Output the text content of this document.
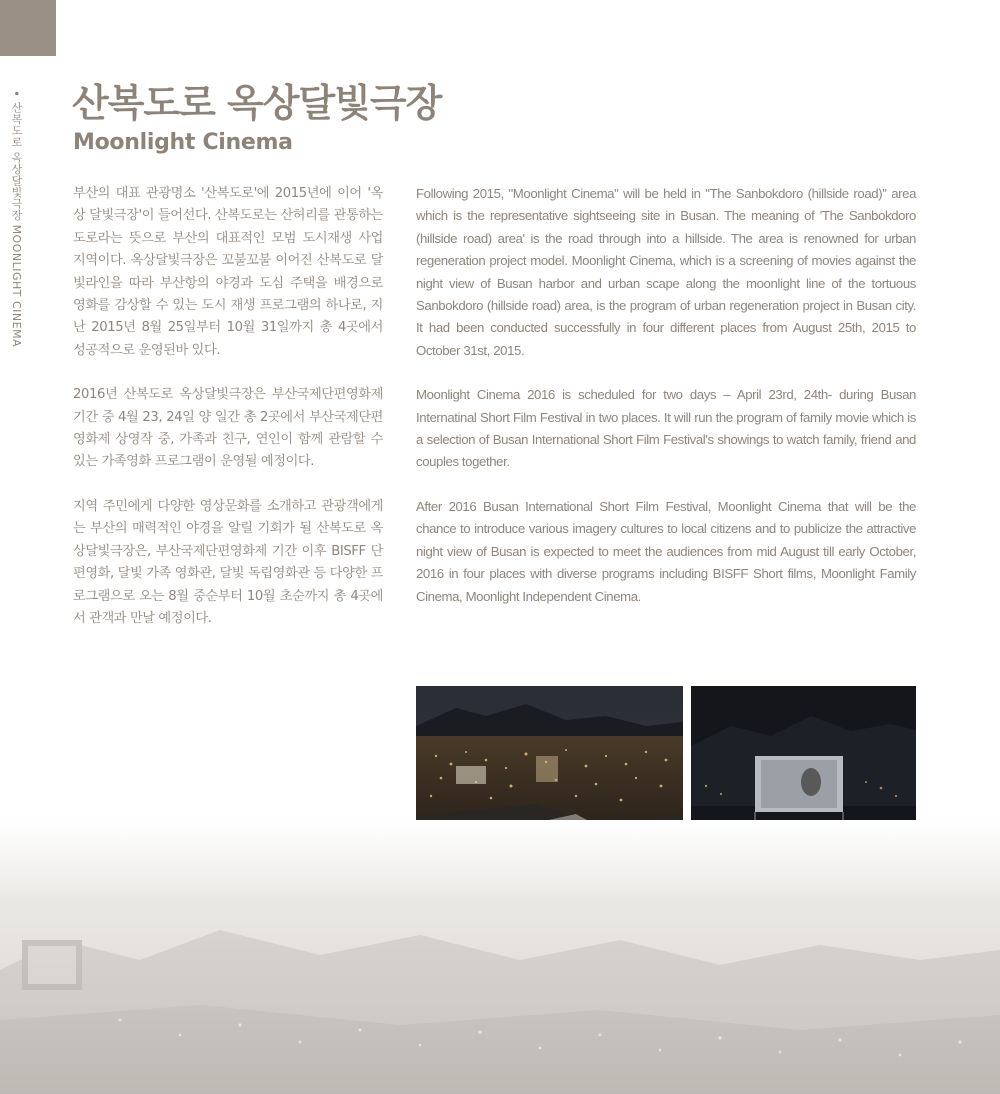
• 산복도로 옥상달빛극장 MOONLIGHT CINEMA 산복도로 옥상달빛극장
Moonlight Cinema

부산의 대표 관광명소 '산복도로'에 2015년에 이어 '옥상 달빛극장'이 들어선다. 산복도로는 산허리를 관통하는 도로라는 뜻으로 부산의 대표적인 모범 도시재생 사업 지역이다. 옥상달빛극장은 꼬불꼬불 이어진 산복도로 달빛라인을 따라 부산항의 야경과 도심 주택을 배경으로 영화를 감상할 수 있는 도시 재생 프로그램의 하나로, 지난 2015년 8월 25일부터 10월 31일까지 총 4곳에서 성공적으로 운영된바 있다.

2016년 산복도로 옥상달빛극장은 부산국제단편영화제 기간 중 4월 23, 24일 양 일간 총 2곳에서 부산국제단편영화제 상영작 중, 가족과 친구, 연인이 함께 관람할 수 있는 가족영화 프로그램이 운영될 예정이다.

지역 주민에게 다양한 영상문화를 소개하고 관광객에게는 부산의 매력적인 야경을 알릴 기회가 될 산복도로 옥상달빛극장은, 부산국제단편영화제 기간 이후 BISFF 단편영화, 달빛 가족 영화관, 달빛 독립영화관 등 다양한 프로그램으로 오는 8월 중순부터 10월 초순까지 총 4곳에서 관객과 만날 예정이다.

Following 2015, "Moonlight Cinema" will be held in "The Sanbokdoro (hillside road)" area which is the representative sightseeing site in Busan. The meaning of 'The Sanbokdoro (hillside road) area' is the road through into a hillside. The area is renowned for urban regeneration project model. Moonlight Cinema, which is a screening of movies against the night view of Busan harbor and urban scape along the moonlight line of the tortuous Sanbokdoro (hillside road) area, is the program of urban regeneration project in Busan city. It had been conducted successfully in four different places from August 25th, 2015 to October 31st, 2015.

Moonlight Cinema 2016 is scheduled for two days – April 23rd, 24th- during Busan Internatinal Short Film Festival in two places. It will run the program of family movie which is a selection of Busan International Short Film Festival's showings to watch family, friend and couples together.

After 2016 Busan International Short Film Festival, Moonlight Cinema that will be the chance to introduce various imagery cultures to local citizens and to publicize the attractive night view of Busan is expected to meet the audiences from mid August till early October, 2016 in four places with diverse programs including BISFF Short films, Moonlight Family Cinema, Moonlight Independent Cinema.
